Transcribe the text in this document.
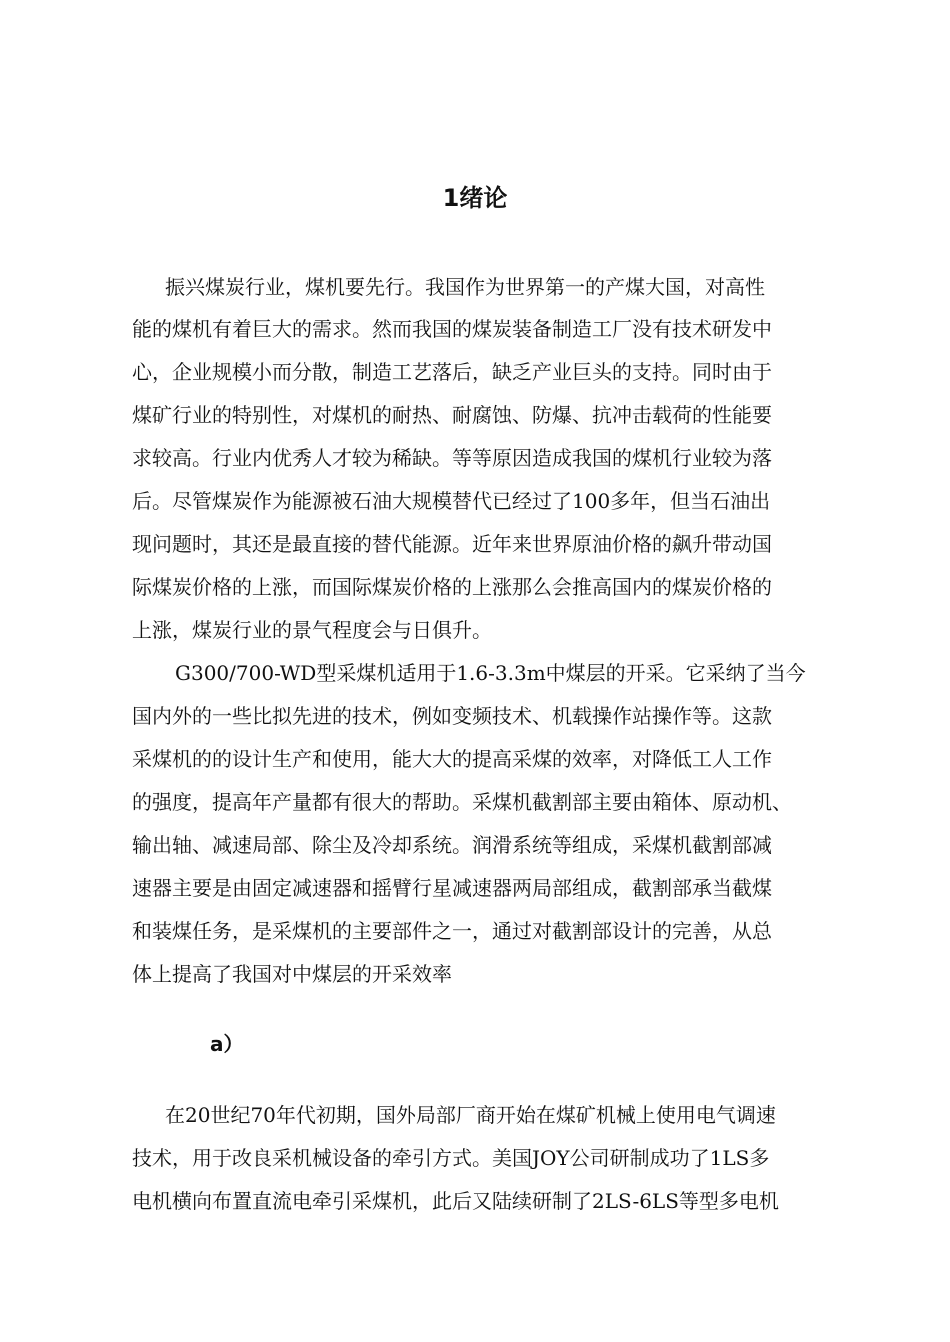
1绪论
振兴煤炭行业，煤机要先行。我国作为世界第一的产煤大国，对高性
能的煤机有着巨大的需求。然而我国的煤炭装备制造工厂没有技术研发中
心，企业规模小而分散，制造工艺落后，缺乏产业巨头的支持。同时由于
煤矿行业的特别性，对煤机的耐热、耐腐蚀、防爆、抗冲击载荷的性能要
求较高。行业内优秀人才较为稀缺。等等原因造成我国的煤机行业较为落
后。尽管煤炭作为能源被石油大规模替代已经过了100多年，但当石油出
现问题时，其还是最直接的替代能源。近年来世界原油价格的飙升带动国
际煤炭价格的上涨，而国际煤炭价格的上涨那么会推高国内的煤炭价格的
上涨，煤炭行业的景气程度会与日俱升。
G300/700-WD型采煤机适用于1.6-3.3m中煤层的开采。它采纳了当今
国内外的一些比拟先进的技术，例如变频技术、机载操作站操作等。这款
采煤机的的设计生产和使用，能大大的提高采煤的效率，对降低工人工作
的强度，提高年产量都有很大的帮助。采煤机截割部主要由箱体、原动机、
输出轴、减速局部、除尘及冷却系统。润滑系统等组成，采煤机截割部减
速器主要是由固定减速器和摇臂行星减速器两局部组成，截割部承当截煤
和装煤任务，是采煤机的主要部件之一，通过对截割部设计的完善，从总
体上提高了我国对中煤层的开采效率
a）
在20世纪70年代初期，国外局部厂商开始在煤矿机械上使用电气调速
技术，用于改良采机械设备的牵引方式。美国JOY公司研制成功了1LS多
电机横向布置直流电牵引采煤机，此后又陆续研制了2LS-6LS等型多电机
